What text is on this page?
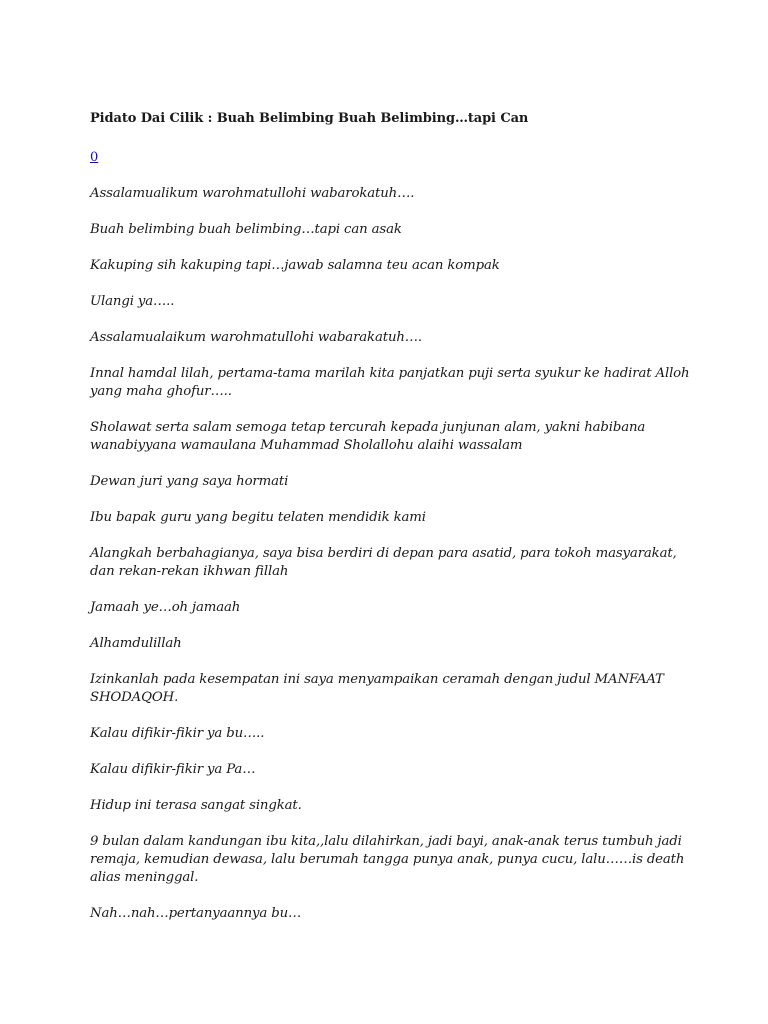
Pidato Dai Cilik : Buah Belimbing Buah Belimbing…tapi Can
0

Assalamualikum warohmatullohi wabarokatuh….

Buah belimbing buah belimbing…tapi can asak

Kakuping sih kakuping tapi…jawab salamna teu acan kompak

Ulangi ya…..

Assalamualaikum warohmatullohi wabarakatuh….

Innal hamdal lilah, pertama-tama marilah kita panjatkan puji serta syukur ke hadirat Alloh yang maha ghofur…..

Sholawat serta salam semoga tetap tercurah kepada junjunan alam, yakni habibana wanabiyyana wamaulana Muhammad Sholallohu alaihi wassalam

Dewan juri yang saya hormati

Ibu bapak guru yang begitu telaten mendidik kami

Alangkah berbahagianya, saya bisa berdiri di depan para asatid, para tokoh masyarakat, dan rekan-rekan ikhwan fillah

Jamaah ye…oh jamaah

Alhamdulillah

Izinkanlah pada kesempatan ini saya menyampaikan ceramah dengan judul MANFAAT SHODAQOH.

Kalau difikir-fikir ya bu…..

Kalau difikir-fikir ya Pa…

Hidup ini terasa sangat singkat.

9 bulan dalam kandungan ibu kita,,lalu dilahirkan, jadi bayi, anak-anak terus tumbuh jadi remaja, kemudian dewasa, lalu berumah tangga punya anak, punya cucu, lalu……is death alias meninggal.

Nah…nah…pertanyaannya bu…
